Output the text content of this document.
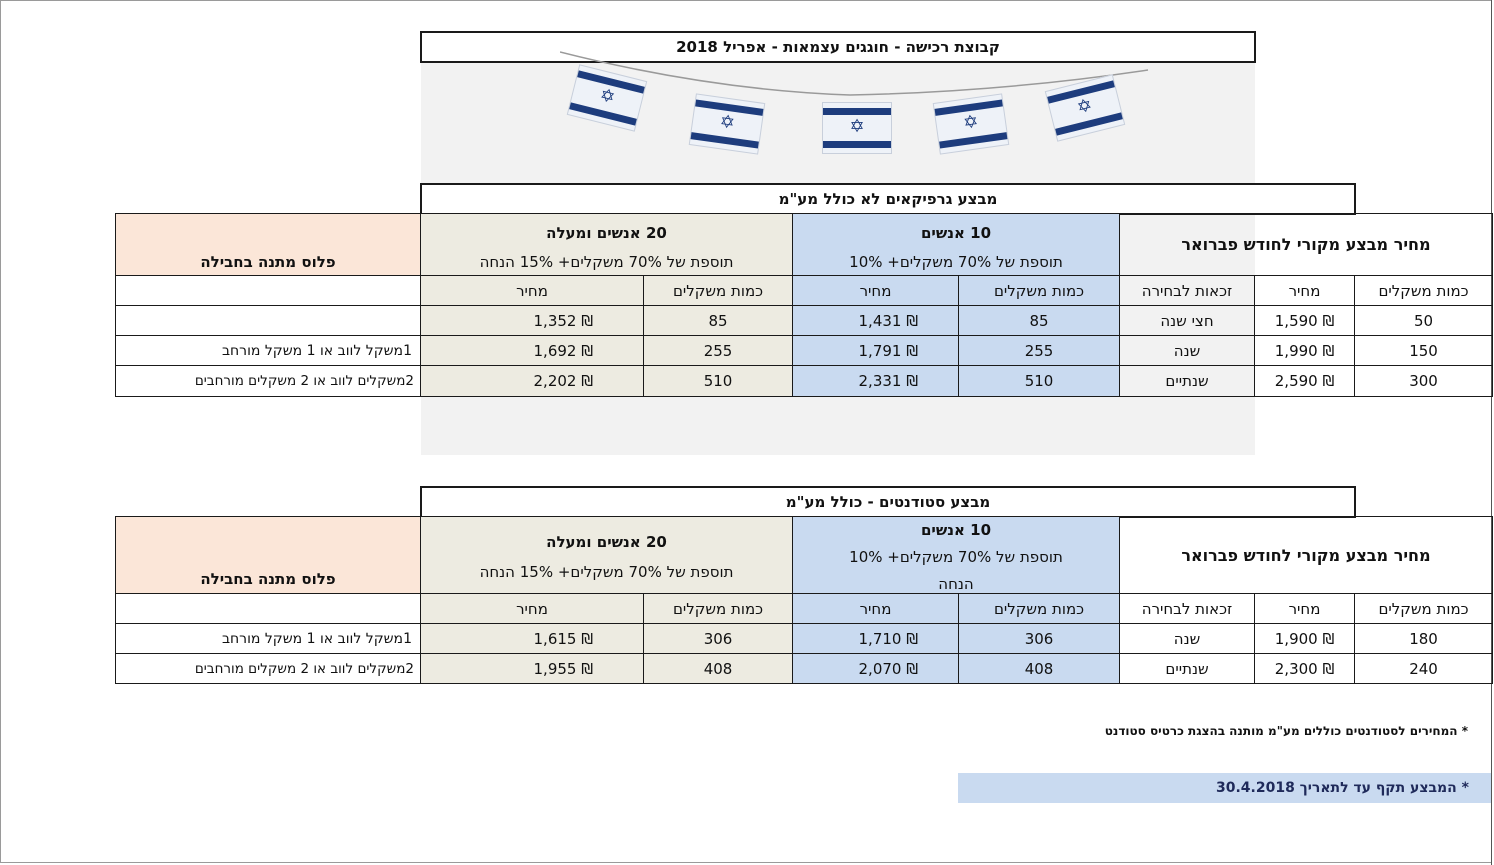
קבוצת רכישה - חוגגים עצמאות - אפריל 2018
✡
✡	✡	✡
✡
מבצע גרפיקאים לא כולל מע"מ
מחיר מבצע מקורי לחודש פברואר
10 אנשים
תוספת של 70% משקלים+ 10%
20 אנשים ומעלה
תוספת של 70% משקלים+ 15% הנחה
פלוס מתנה בחבילה
כמות משקלים
מחיר
זכאות לבחירה
כמות משקלים
מחיר
כמות משקלים
מחיר
50
₪ 1,590
חצי שנה
85
₪ 1,431
85
₪ 1,352
150
₪ 1,990
שנה
255
₪ 1,791
255
₪ 1,692
1משקל לווב או 1 משקל מורחב
300
₪ 2,590
שנתיים
510
₪ 2,331
510
₪ 2,202
2משקלים לווב או 2 משקלים מורחבים
מבצע סטודנטים - כולל מע"מ
מחיר מבצע מקורי לחודש פברואר
10 אנשים
תוספת של 70% משקלים+ 10%
הנחה
20 אנשים ומעלה
תוספת של 70% משקלים+ 15% הנחה
פלוס מתנה בחבילה
כמות משקלים
מחיר
זכאות לבחירה
כמות משקלים
מחיר
כמות משקלים
מחיר
180
₪ 1,900
שנה
306
₪ 1,710
306
₪ 1,615
1משקל לווב או 1 משקל מורחב
240
₪ 2,300
שנתיים
408
₪ 2,070
408
₪ 1,955
2משקלים לווב או 2 משקלים מורחבים
* המחירים לסטודנטים כוללים מע"מ מותנה בהצגת כרטיס סטודנט
* המבצע תקף עד לתאריך 30.4.2018
